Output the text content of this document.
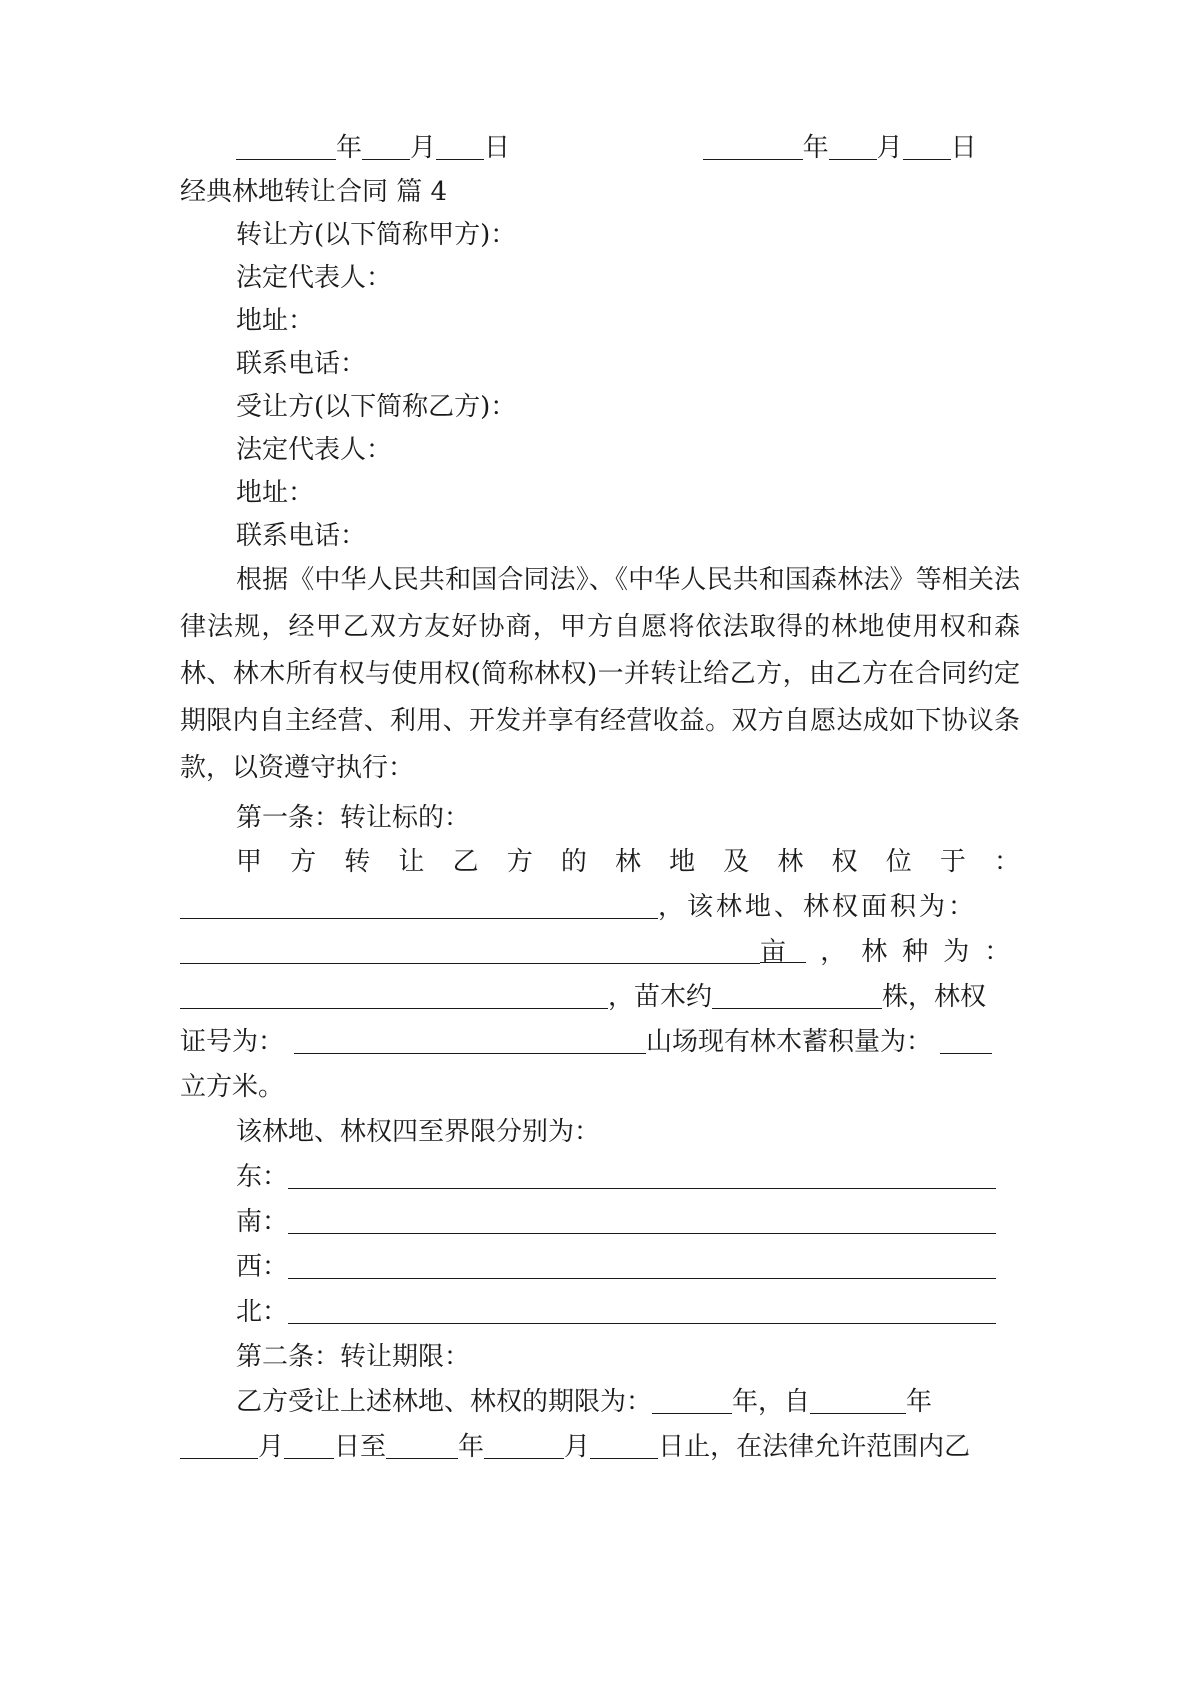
年 月 日	年 月 日
经典林地转让合同 篇 4
转让方(以下简称甲方)：
法定代表人：
地址：
联系电话：
受让方(以下简称乙方)：
法定代表人：
地址：
联系电话：

根据《中华人民共和国合同法》、《中华人民共和国森林法》等相关法律法规，经甲乙双方友好协商，甲方自愿将依法取得的林地使用权和森林、林木所有权与使用权(简称林权)一并转让给乙方，由乙方在合同约定期限内自主经营、利用、开发并享有经营收益。双方自愿达成如下协议条款，以资遵守执行：

第一条：转让标的：
甲 方 转 让 乙 方 的 林 地 及 林 权 位 于 ：
，该林地、林权面积为：
亩 ， 林 种 为 ：
，苗木约	株，林权
证号为：	山场现有林木蓄积量为：
立方米。
该林地、林权四至界限分别为：
东：
南：
西：
北：
第二条：转让期限：
乙方受让上述林地、林权的期限为：	年，自	年
月 日至	年	月	日止，在法律允许范围内乙
